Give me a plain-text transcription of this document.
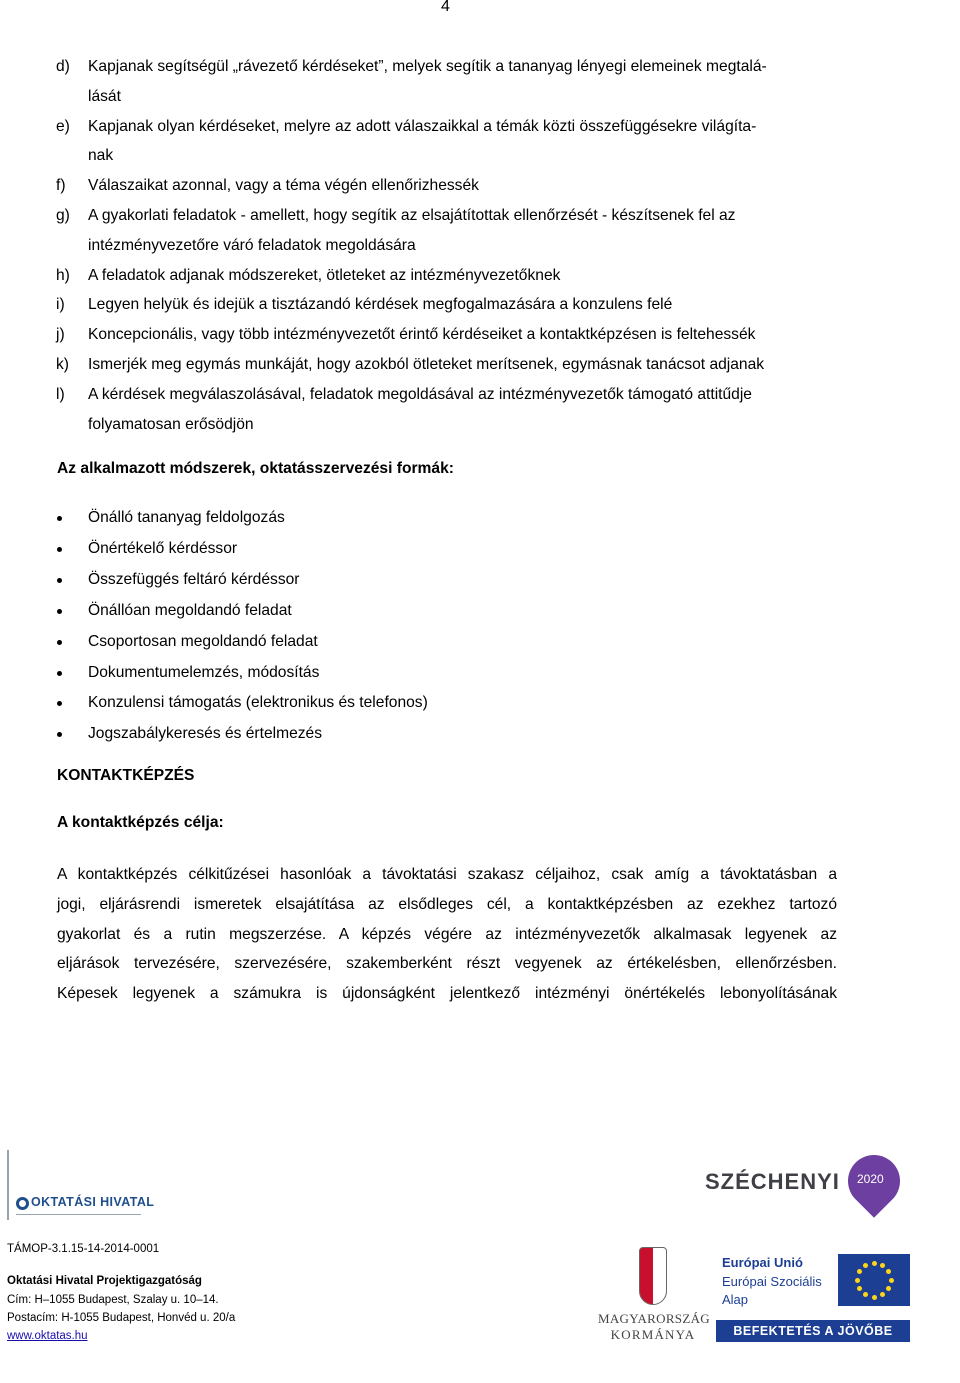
4
d)	Kapjanak segítségül „rávezető kérdéseket”, melyek segítik a tananyag lényegi elemeinek megtalá-
lását
e)	Kapjanak olyan kérdéseket, melyre az adott válaszaikkal a témák közti összefüggésekre világíta-
nak
f)	Válaszaikat azonnal, vagy a téma végén ellenőrizhessék
g)	A gyakorlati feladatok - amellett, hogy segítik az elsajátítottak ellenőrzését - készítsenek fel az
intézményvezetőre váró feladatok megoldására
h)	A feladatok adjanak módszereket, ötleteket az intézményvezetőknek
i)	Legyen helyük és idejük a tisztázandó kérdések megfogalmazására a konzulens felé
j)	Koncepcionális, vagy több intézményvezetőt érintő kérdéseiket a kontaktképzésen is feltehessék
k)	Ismerjék meg egymás munkáját, hogy azokból ötleteket merítsenek, egymásnak tanácsot adjanak
l)	A kérdések megválaszolásával, feladatok megoldásával az intézményvezetők támogató attitűdje
folyamatosan erősödjön
Az alkalmazott módszerek, oktatásszervezési formák:
Önálló tananyag feldolgozás
Önértékelő kérdéssor
Összefüggés feltáró kérdéssor
Önállóan megoldandó feladat
Csoportosan megoldandó feladat
Dokumentumelemzés, módosítás
Konzulensi támogatás (elektronikus és telefonos)
Jogszabálykeresés és értelmezés
KONTAKTKÉPZÉS
A kontaktképzés célja:
A kontaktképzés célkitűzései hasonlóak a távoktatási szakasz céljaihoz, csak amíg a távoktatásban a
jogi, eljárásrendi ismeretek elsajátítása az elsődleges cél, a kontaktképzésben az ezekhez tartozó
gyakorlat és a rutin megszerzése. A képzés végére az intézményvezetők alkalmasak legyenek az
eljárások tervezésére, szervezésére, szakemberként részt vegyenek az értékelésben, ellenőrzésben.
Képesek legyenek a számukra is újdonságként jelentkező intézményi önértékelés lebonyolításának
OKTATÁSI HIVATAL
TÁMOP-3.1.15-14-2014-0001
Oktatási Hivatal Projektigazgatóság
Cím: H–1055 Budapest, Szalay u. 10–14.
Postacím: H-1055 Budapest, Honvéd u. 20/a
www.oktatas.hu
SZÉCHENYI 2020
MAGYARORSZÁG
KORMÁNYA
Európai Unió
Európai Szociális
Alap
BEFEKTETÉS A JÖVŐBE
